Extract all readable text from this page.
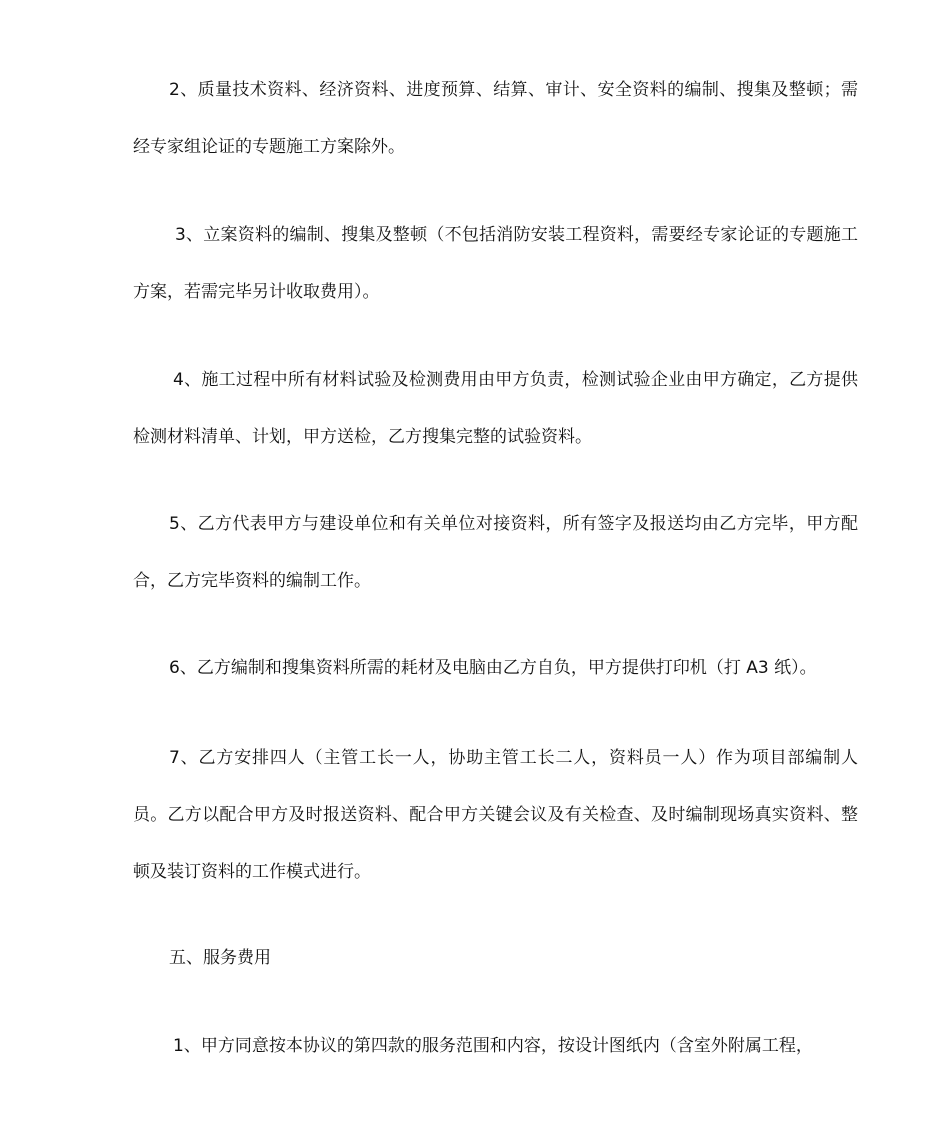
2、质量技术资料、经济资料、进度预算、结算、审计、安全资料的编制、搜集及整顿；需经专家组论证的专题施工方案除外。

3、立案资料的编制、搜集及整顿（不包括消防安装工程资料，需要经专家论证的专题施工方案，若需完毕另计收取费用）。

4、施工过程中所有材料试验及检测费用由甲方负责，检测试验企业由甲方确定，乙方提供检测材料清单、计划，甲方送检，乙方搜集完整的试验资料。

5、乙方代表甲方与建设单位和有关单位对接资料，所有签字及报送均由乙方完毕，甲方配合，乙方完毕资料的编制工作。

6、乙方编制和搜集资料所需的耗材及电脑由乙方自负，甲方提供打印机（打 A3 纸）。

7、乙方安排四人（主管工长一人，协助主管工长二人，资料员一人）作为项目部编制人员。乙方以配合甲方及时报送资料、配合甲方关键会议及有关检查、及时编制现场真实资料、整顿及装订资料的工作模式进行。

五、服务费用

1、甲方同意按本协议的第四款的服务范围和内容，按设计图纸内（含室外附属工程，
